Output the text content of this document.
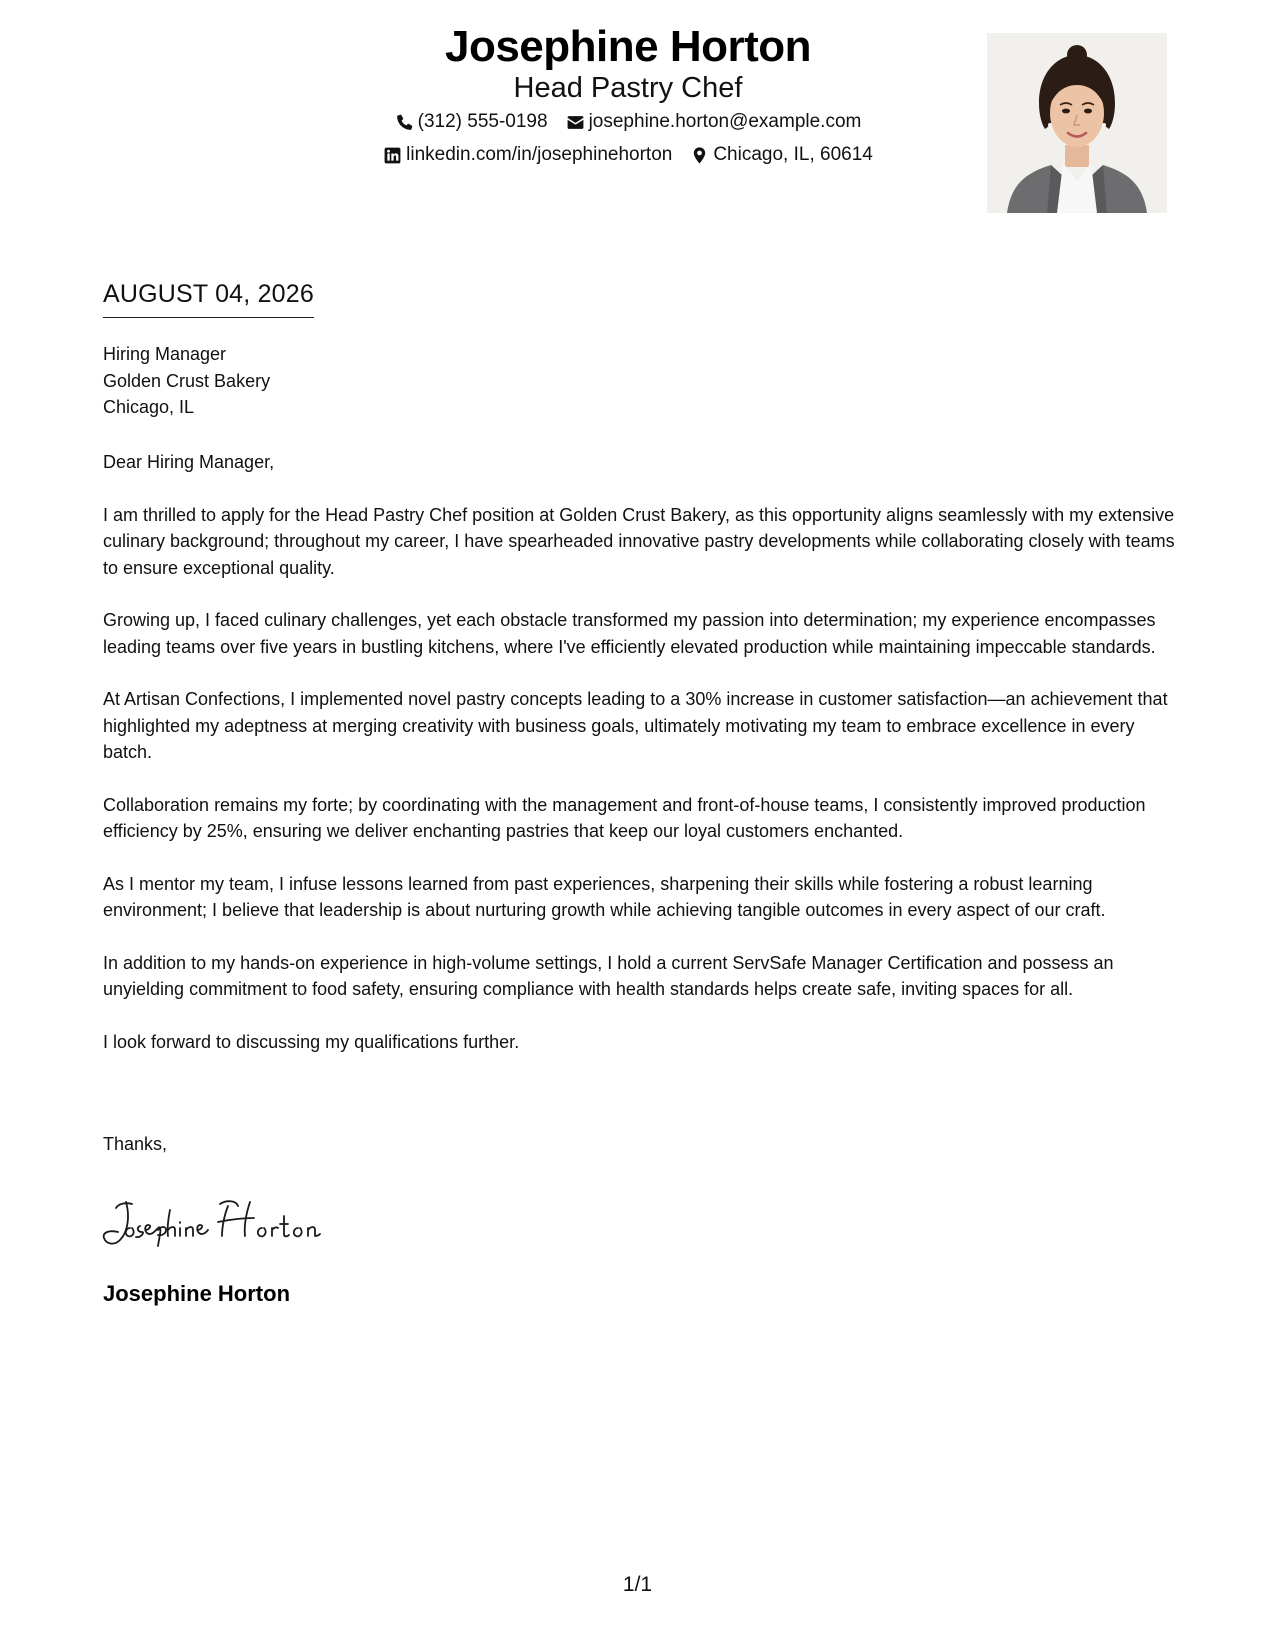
Josephine Horton
Head Pastry Chef
(312) 555-0198 josephine.horton@example.com
linkedin.com/in/josephinehorton Chicago, IL, 60614
AUGUST 04, 2026
Hiring Manager
Golden Crust Bakery
Chicago, IL

Dear Hiring Manager,

I am thrilled to apply for the Head Pastry Chef position at Golden Crust Bakery, as this opportunity aligns seamlessly with my extensive culinary background; throughout my career, I have spearheaded innovative pastry developments while collaborating closely with teams to ensure exceptional quality.

Growing up, I faced culinary challenges, yet each obstacle transformed my passion into determination; my experience encompasses leading teams over five years in bustling kitchens, where I've efficiently elevated production while maintaining impeccable standards.

At Artisan Confections, I implemented novel pastry concepts leading to a 30% increase in customer satisfaction—an achievement that highlighted my adeptness at merging creativity with business goals, ultimately motivating my team to embrace excellence in every batch.

Collaboration remains my forte; by coordinating with the management and front-of-house teams, I consistently improved production efficiency by 25%, ensuring we deliver enchanting pastries that keep our loyal customers enchanted.

As I mentor my team, I infuse lessons learned from past experiences, sharpening their skills while fostering a robust learning environment; I believe that leadership is about nurturing growth while achieving tangible outcomes in every aspect of our craft.

In addition to my hands-on experience in high-volume settings, I hold a current ServSafe Manager Certification and possess an unyielding commitment to food safety, ensuring compliance with health standards helps create safe, inviting spaces for all.

I look forward to discussing my qualifications further.

Thanks,
Josephine Horton
1/1
